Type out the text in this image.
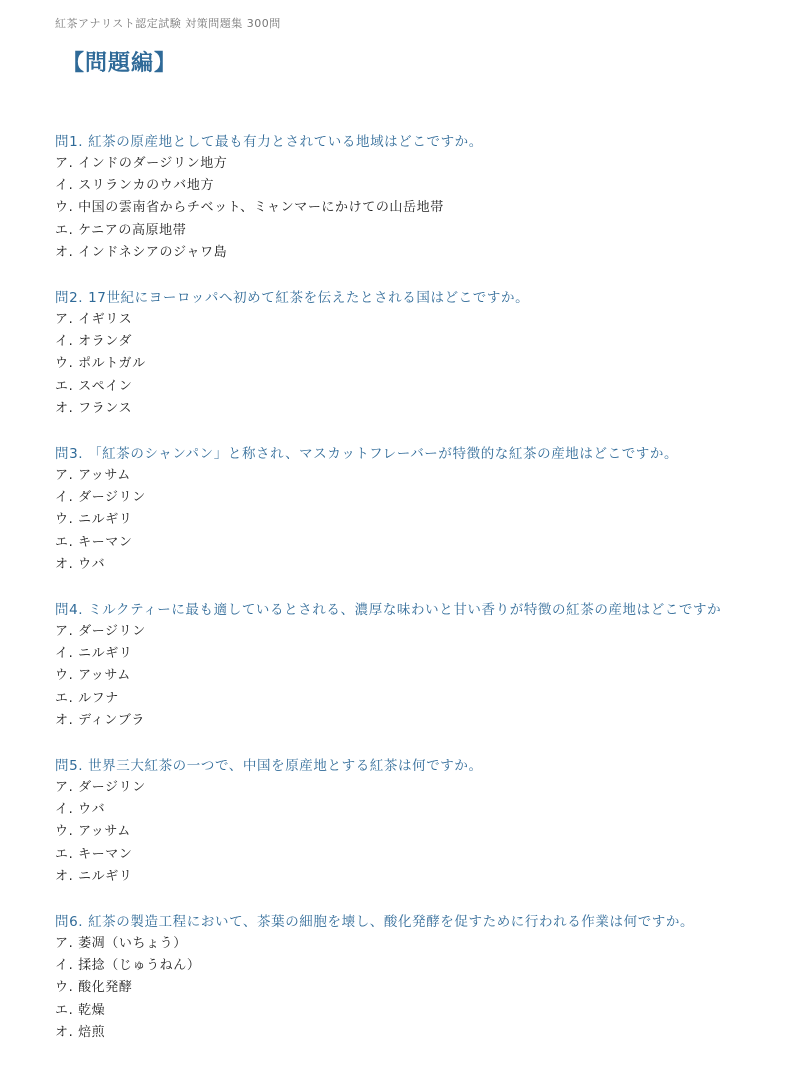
紅茶アナリスト認定試験 対策問題集 300問
【問題編】
問1. 紅茶の原産地として最も有力とされている地域はどこですか。
ア. インドのダージリン地方
イ. スリランカのウバ地方
ウ. 中国の雲南省からチベット、ミャンマーにかけての山岳地帯
エ. ケニアの高原地帯
オ. インドネシアのジャワ島
問2. 17世紀にヨーロッパへ初めて紅茶を伝えたとされる国はどこですか。
ア. イギリス
イ. オランダ
ウ. ポルトガル
エ. スペイン
オ. フランス
問3. 「紅茶のシャンパン」と称され、マスカットフレーバーが特徴的な紅茶の産地はどこですか。
ア. アッサム
イ. ダージリン
ウ. ニルギリ
エ. キーマン
オ. ウバ
問4. ミルクティーに最も適しているとされる、濃厚な味わいと甘い香りが特徴の紅茶の産地はどこですか
ア. ダージリン
イ. ニルギリ
ウ. アッサム
エ. ルフナ
オ. ディンブラ
問5. 世界三大紅茶の一つで、中国を原産地とする紅茶は何ですか。
ア. ダージリン
イ. ウバ
ウ. アッサム
エ. キーマン
オ. ニルギリ
問6. 紅茶の製造工程において、茶葉の細胞を壊し、酸化発酵を促すために行われる作業は何ですか。
ア. 萎凋（いちょう）
イ. 揉捻（じゅうねん）
ウ. 酸化発酵
エ. 乾燥
オ. 焙煎
